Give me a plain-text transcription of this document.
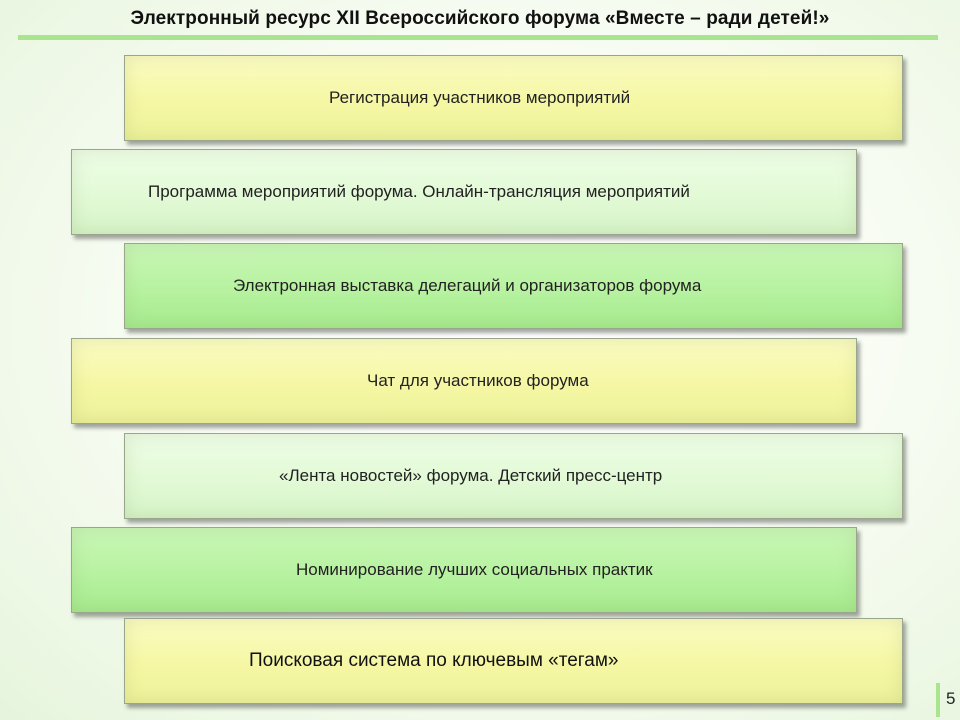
Электронный ресурс XII Всероссийского форума «Вместе – ради детей!»
Регистрация участников мероприятий
Программа мероприятий форума. Онлайн-трансляция мероприятий
Электронная выставка делегаций и организаторов форума
Чат для участников форума
«Лента новостей» форума. Детский пресс-центр
Номинирование лучших социальных практик
Поисковая система по ключевым «тегам»
5
